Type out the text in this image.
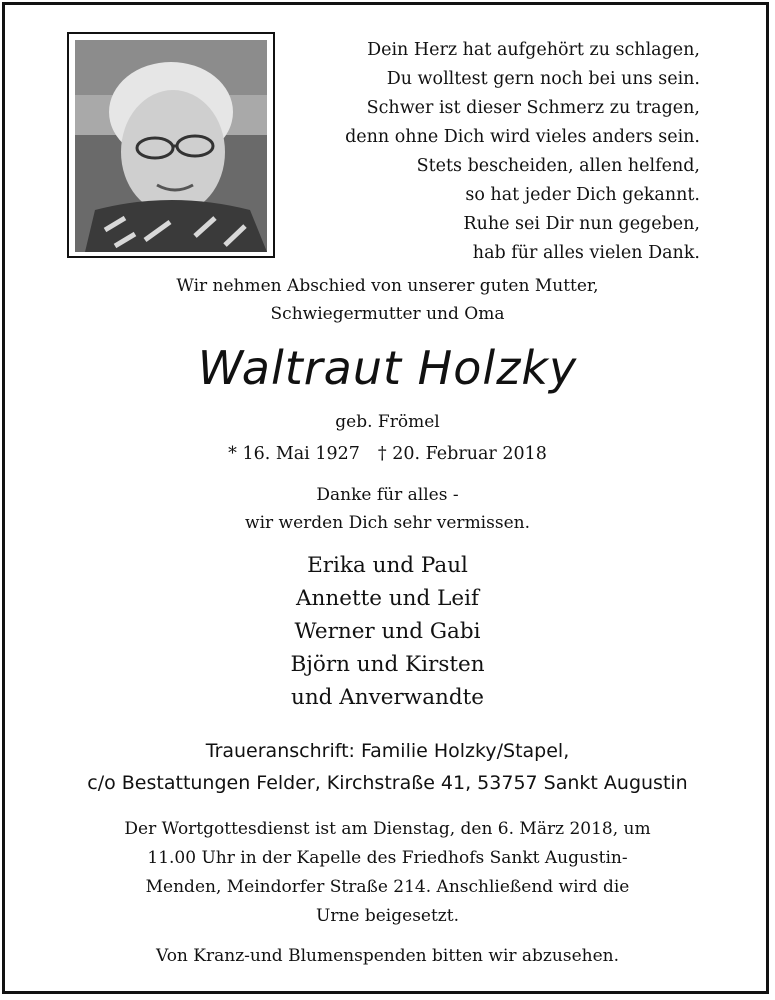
Dein Herz hat aufgehört zu schlagen,
Du wolltest gern noch bei uns sein.
Schwer ist dieser Schmerz zu tragen,
denn ohne Dich wird vieles anders sein.
Stets bescheiden, allen helfend,
so hat jeder Dich gekannt.
Ruhe sei Dir nun gegeben,
hab für alles vielen Dank.
Wir nehmen Abschied von unserer guten Mutter,
Schwiegermutter und Oma
Waltraut Holzky
geb. Frömel
* 16. Mai 1927 † 20. Februar 2018
Danke für alles -
wir werden Dich sehr vermissen.
Erika und Paul
Annette und Leif
Werner und Gabi
Björn und Kirsten
und Anverwandte
Traueranschrift: Familie Holzky/Stapel,
c/o Bestattungen Felder, Kirchstraße 41, 53757 Sankt Augustin
Der Wortgottesdienst ist am Dienstag, den 6. März 2018, um
11.00 Uhr in der Kapelle des Friedhofs Sankt Augustin-
Menden, Meindorfer Straße 214. Anschließend wird die
Urne beigesetzt.
Von Kranz-und Blumenspenden bitten wir abzusehen.
